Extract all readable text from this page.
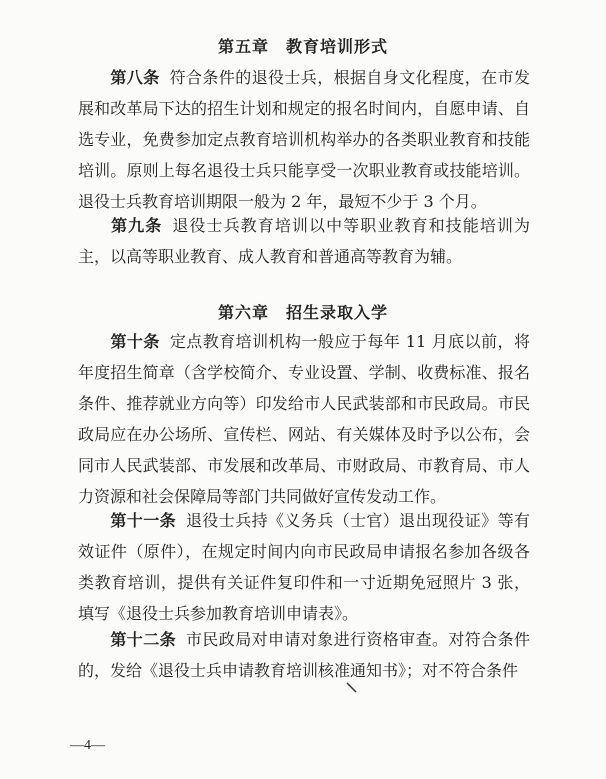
第五章　教育培训形式
第八条 符合条件的退役士兵，根据自身文化程度，在市发展和改革局下达的招生计划和规定的报名时间内，自愿申请、自选专业，免费参加定点教育培训机构举办的各类职业教育和技能培训。原则上每名退役士兵只能享受一次职业教育或技能培训。退役士兵教育培训期限一般为 2 年，最短不少于 3 个月。
第九条 退役士兵教育培训以中等职业教育和技能培训为主，以高等职业教育、成人教育和普通高等教育为辅。
第六章　招生录取入学
第十条 定点教育培训机构一般应于每年 11 月底以前，将年度招生简章（含学校简介、专业设置、学制、收费标准、报名条件、推荐就业方向等）印发给市人民武装部和市民政局。市民政局应在办公场所、宣传栏、网站、有关媒体及时予以公布，会同市人民武装部、市发展和改革局、市财政局、市教育局、市人力资源和社会保障局等部门共同做好宣传发动工作。
第十一条 退役士兵持《义务兵（士官）退出现役证》等有效证件（原件），在规定时间内向市民政局申请报名参加各级各类教育培训，提供有关证件复印件和一寸近期免冠照片 3 张，填写《退役士兵参加教育培训申请表》。
第十二条 市民政局对申请对象进行资格审查。对符合条件的，发给《退役士兵申请教育培训核准通知书》；对不符合条件
—4—
